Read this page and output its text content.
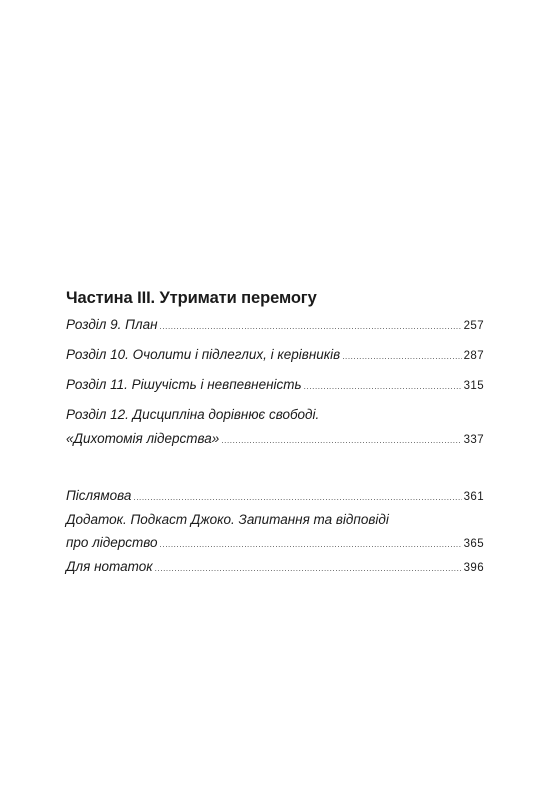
Частина III. Утримати перемогу
Розділ 9. План .....	257
Розділ 10. Очолити і підлеглих, і керівників .....	287
Розділ 11. Рішучість і невпевненість .....	315
Розділ 12. Дисципліна дорівнює свободі.
«Дихотомія лідерства» .....	337
Післямова .....	361
Додаток. Подкаст Джоко. Запитання та відповіді
про лідерство .....	365
Для нотаток .....	396
